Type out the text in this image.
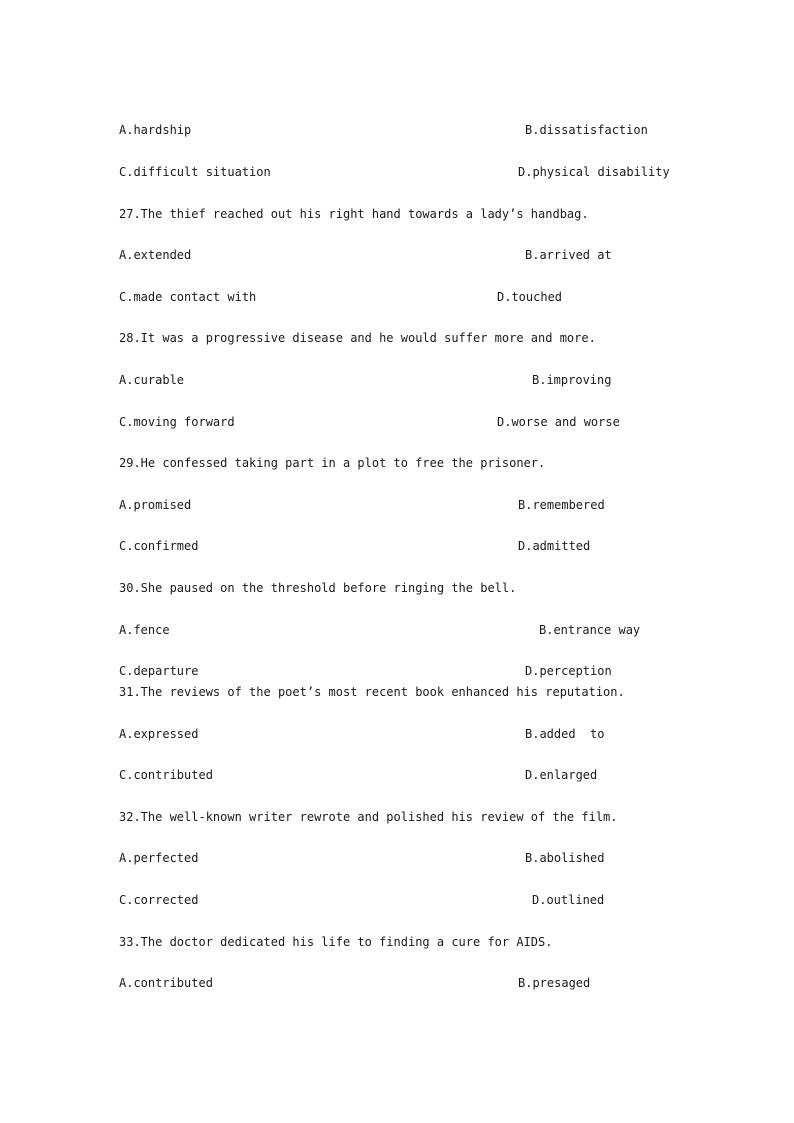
A.hardship	B.dissatisfaction
C.difficult situation	D.physical disability
27.The thief reached out his right hand towards a lady’s handbag.
A.extended	B.arrived at
C.made contact with	D.touched
28.It was a progressive disease and he would suffer more and more.
A.curable	B.improving
C.moving forward	D.worse and worse
29.He confessed taking part in a plot to free the prisoner.
A.promised	B.remembered
C.confirmed	D.admitted
30.She paused on the threshold before ringing the bell.
A.fence	B.entrance way
C.departure	D.perception
31.The reviews of the poet’s most recent book enhanced his reputation.
A.expressed	B.added  to
C.contributed	D.enlarged
32.The well-known writer rewrote and polished his review of the film.
A.perfected	B.abolished
C.corrected	D.outlined
33.The doctor dedicated his life to finding a cure for AIDS.
A.contributed	B.presaged
